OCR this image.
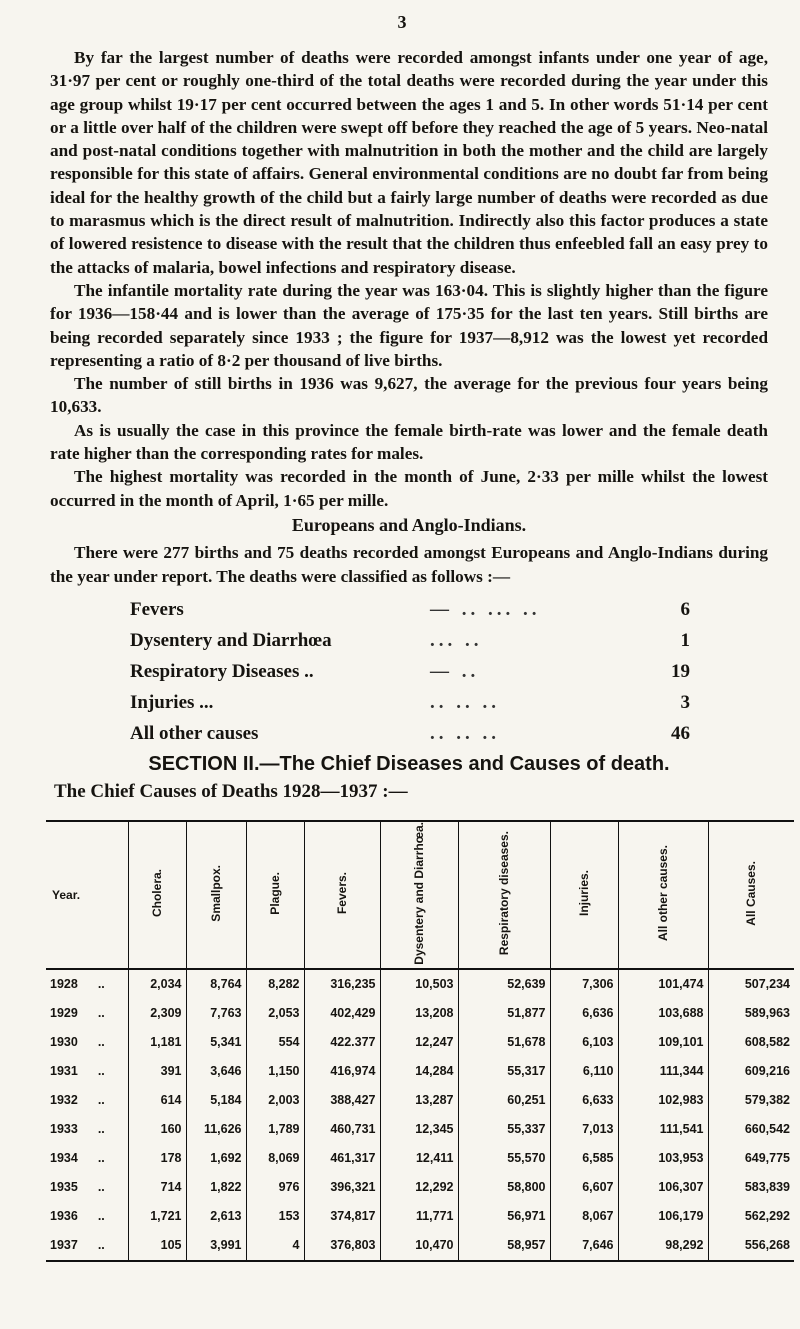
3

By far the largest number of deaths were recorded amongst infants under one year of age, 31·97 per cent or roughly one-third of the total deaths were recorded during the year under this age group whilst 19·17 per cent occurred between the ages 1 and 5. In other words 51·14 per cent or a little over half of the children were swept off before they reached the age of 5 years. Neo-natal and post-natal conditions together with malnutrition in both the mother and the child are largely responsible for this state of affairs. General environmental conditions are no doubt far from being ideal for the healthy growth of the child but a fairly large number of deaths were recorded as due to marasmus which is the direct result of malnutrition. Indirectly also this factor produces a state of lowered resistence to disease with the result that the children thus enfeebled fall an easy prey to the attacks of malaria, bowel infections and respiratory disease.

The infantile mortality rate during the year was 163·04. This is slightly higher than the figure for 1936—158·44 and is lower than the average of 175·35 for the last ten years. Still births are being recorded separately since 1933 ; the figure for 1937—8,912 was the lowest yet recorded representing a ratio of 8·2 per thousand of live births.

The number of still births in 1936 was 9,627, the average for the previous four years being 10,633.

As is usually the case in this province the female birth-rate was lower and the female death rate higher than the corresponding rates for males.

The highest mortality was recorded in the month of June, 2·33 per mille whilst the lowest occurred in the month of April, 1·65 per mille.

Europeans and Anglo-Indians.

There were 277 births and 75 deaths recorded amongst Europeans and Anglo-Indians during the year under report. The deaths were classified as follows :—

Fevers	— .. ... ..	6
Dysentery and Diarrhœa	... ..	1
Respiratory Diseases ..	— ..	19
Injuries ...	.. .. ..	3
All other causes	.. .. ..	46
SECTION II.—The Chief Diseases and Causes of death.
The Chief Causes of Deaths 1928—1937 :—
Year.	Cholera.	Smallpox.	Plague.	Fevers.	Dysentery and Diarrhœa.	Respiratory diseases.	Injuries.	All other causes.	All Causes.
1928 ..	2,034	8,764	8,282	316,235	10,503	52,639	7,306	101,474	507,234
1929 ..	2,309	7,763	2,053	402,429	13,208	51,877	6,636	103,688	589,963
1930 ..	1,181	5,341	554	422.377	12,247	51,678	6,103	109,101	608,582
1931 ..	391	3,646	1,150	416,974	14,284	55,317	6,110	111,344	609,216
1932 ..	614	5,184	2,003	388,427	13,287	60,251	6,633	102,983	579,382
1933 ..	160	11,626	1,789	460,731	12,345	55,337	7,013	111,541	660,542
1934 ..	178	1,692	8,069	461,317	12,411	55,570	6,585	103,953	649,775
1935 ..	714	1,822	976	396,321	12,292	58,800	6,607	106,307	583,839
1936 ..	1,721	2,613	153	374,817	11,771	56,971	8,067	106,179	562,292
1937 ..	105	3,991	4	376,803	10,470	58,957	7,646	98,292	556,268
